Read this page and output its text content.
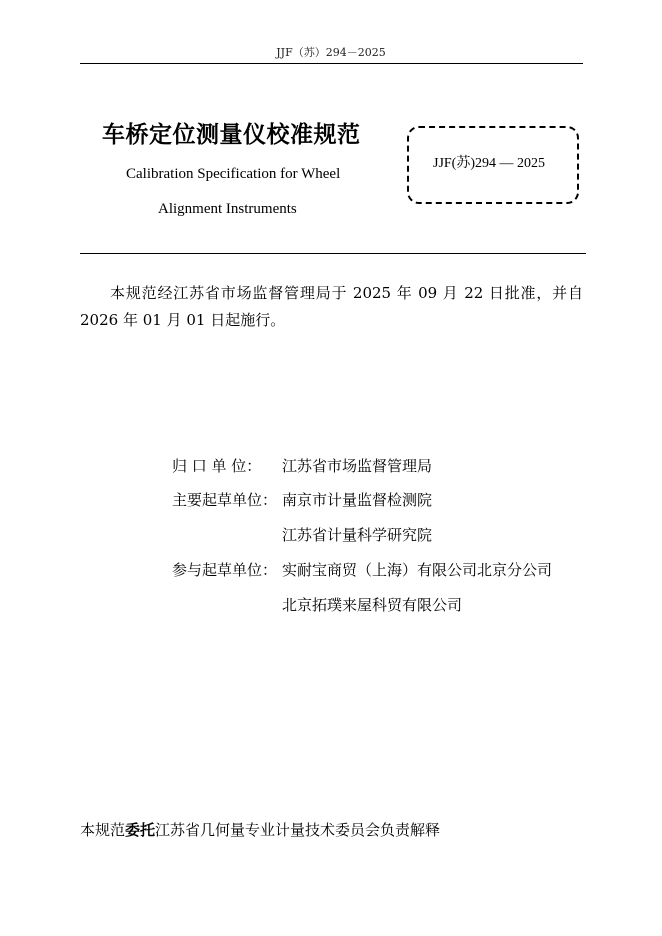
JJF（苏）294－2025
车桥定位测量仪校准规范
Calibration Specification for Wheel
Alignment Instruments
JJF(苏)294 — 2025
本规范经江苏省市场监督管理局于 2025 年 09 月 22 日批准，并自 2026 年 01 月 01 日起施行。
归 口 单 位： 江苏省市场监督管理局
主要起草单位： 南京市计量监督检测院
江苏省计量科学研究院
参与起草单位： 实耐宝商贸（上海）有限公司北京分公司
北京拓璞来屋科贸有限公司
本规范委托江苏省几何量专业计量技术委员会负责解释
